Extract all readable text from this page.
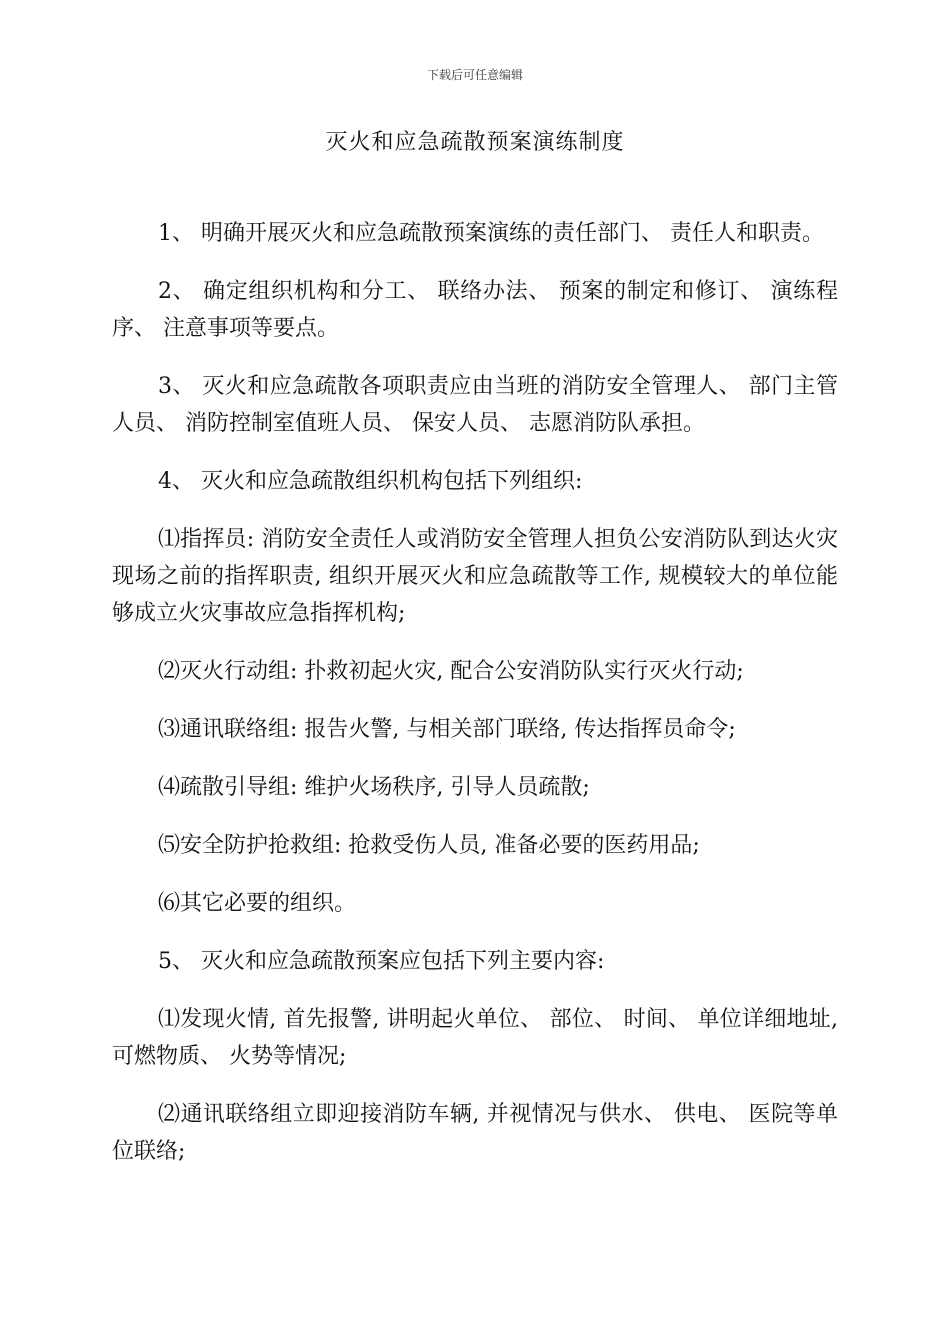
下载后可任意编辑
灭火和应急疏散预案演练制度

1、 明确开展灭火和应急疏散预案演练的责任部门、 责任人和职责。

2、 确定组织机构和分工、 联络办法、 预案的制定和修订、 演练程序、 注意事项等要点。

3、 灭火和应急疏散各项职责应由当班的消防安全管理人、 部门主管人员、 消防控制室值班人员、 保安人员、 志愿消防队承担。

4、 灭火和应急疏散组织机构包括下列组织:

⑴指挥员: 消防安全责任人或消防安全管理人担负公安消防队到达火灾现场之前的指挥职责, 组织开展灭火和应急疏散等工作, 规模较大的单位能够成立火灾事故应急指挥机构;

⑵灭火行动组: 扑救初起火灾, 配合公安消防队实行灭火行动;

⑶通讯联络组: 报告火警, 与相关部门联络, 传达指挥员命令;

⑷疏散引导组: 维护火场秩序, 引导人员疏散;

⑸安全防护抢救组: 抢救受伤人员, 准备必要的医药用品;

⑹其它必要的组织。

5、 灭火和应急疏散预案应包括下列主要内容:

⑴发现火情, 首先报警, 讲明起火单位、 部位、 时间、 单位详细地址, 可燃物质、 火势等情况;

⑵通讯联络组立即迎接消防车辆, 并视情况与供水、 供电、 医院等单位联络;
